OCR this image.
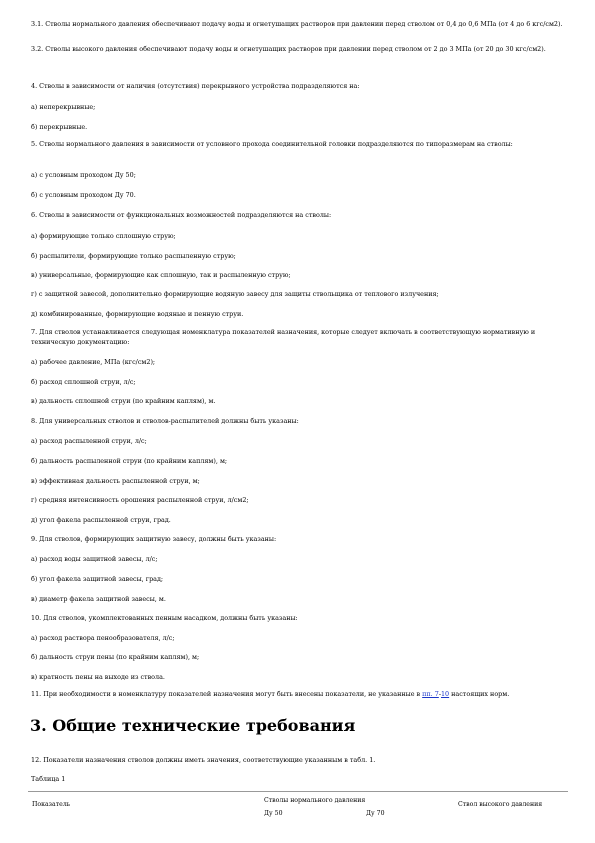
3.1. Стволы нормального давления обеспечивают подачу воды и огнетушащих растворов при давлении перед стволом от 0,4 до 0,6 МПа (от 4 до 6 кгс/см2).
3.2. Стволы высокого давления обеспечивают подачу воды и огнетушащих растворов при давлении перед стволом от 2 до 3 МПа (от 20 до 30 кгс/см2).
4. Стволы в зависимости от наличия (отсутствия) перекрывного устройства подразделяются на:
а) неперекрывные;
б) перекрывные.
5. Стволы нормального давления в зависимости от условного прохода соединительной головки подразделяются по типоразмерам на стволы:
а) с условным проходом Ду 50;
б) с условным проходом Ду 70.
6. Стволы в зависимости от функциональных возможностей подразделяются на стволы:
а) формирующие только сплошную струю;
б) распылители, формирующие только распыленную струю;
в) универсальные, формирующие как сплошную, так и распыленную струю;
г) с защитной завесой, дополнительно формирующие водяную завесу для защиты ствольщика от теплового излучения;
д) комбинированные, формирующие водяные и пенную струи.
7. Для стволов устанавливается следующая номенклатура показателей назначения, которые следует включать в соответствующую нормативную и техническую документацию:
а) рабочее давление, МПа (кгс/см2);
б) расход сплошной струи, л/с;
в) дальность сплошной струи (по крайним каплям), м.
8. Для универсальных стволов и стволов-распылителей должны быть указаны:
а) расход распыленной струи, л/с;
б) дальность распыленной струи (по крайним каплям), м;
в) эффективная дальность распыленной струи, м;
г) средняя интенсивность орошения распыленной струи, л/см2;
д) угол факела распыленной струи, град.
9. Для стволов, формирующих защитную завесу, должны быть указаны:
а) расход воды защитной завесы, л/с;
б) угол факела защитной завесы, град;
в) диаметр факела защитной завесы, м.
10. Для стволов, укомплектованных пенным насадком, должны быть указаны:
а) расход раствора пенообразователя, л/с;
б) дальность струи пены (по крайним каплям), м;
в) кратность пены на выходе из ствола.
11. При необходимости в номенклатуру показателей назначения могут быть внесены показатели, не указанные в пп. 7-10 настоящих норм.
3. Общие технические требования
12. Показатели назначения стволов должны иметь значения, соответствующие указанным в табл. 1.
Таблица 1
Показатель
Стволы нормального давления
Ду 50	Ду 70
Ствол высокого давления
